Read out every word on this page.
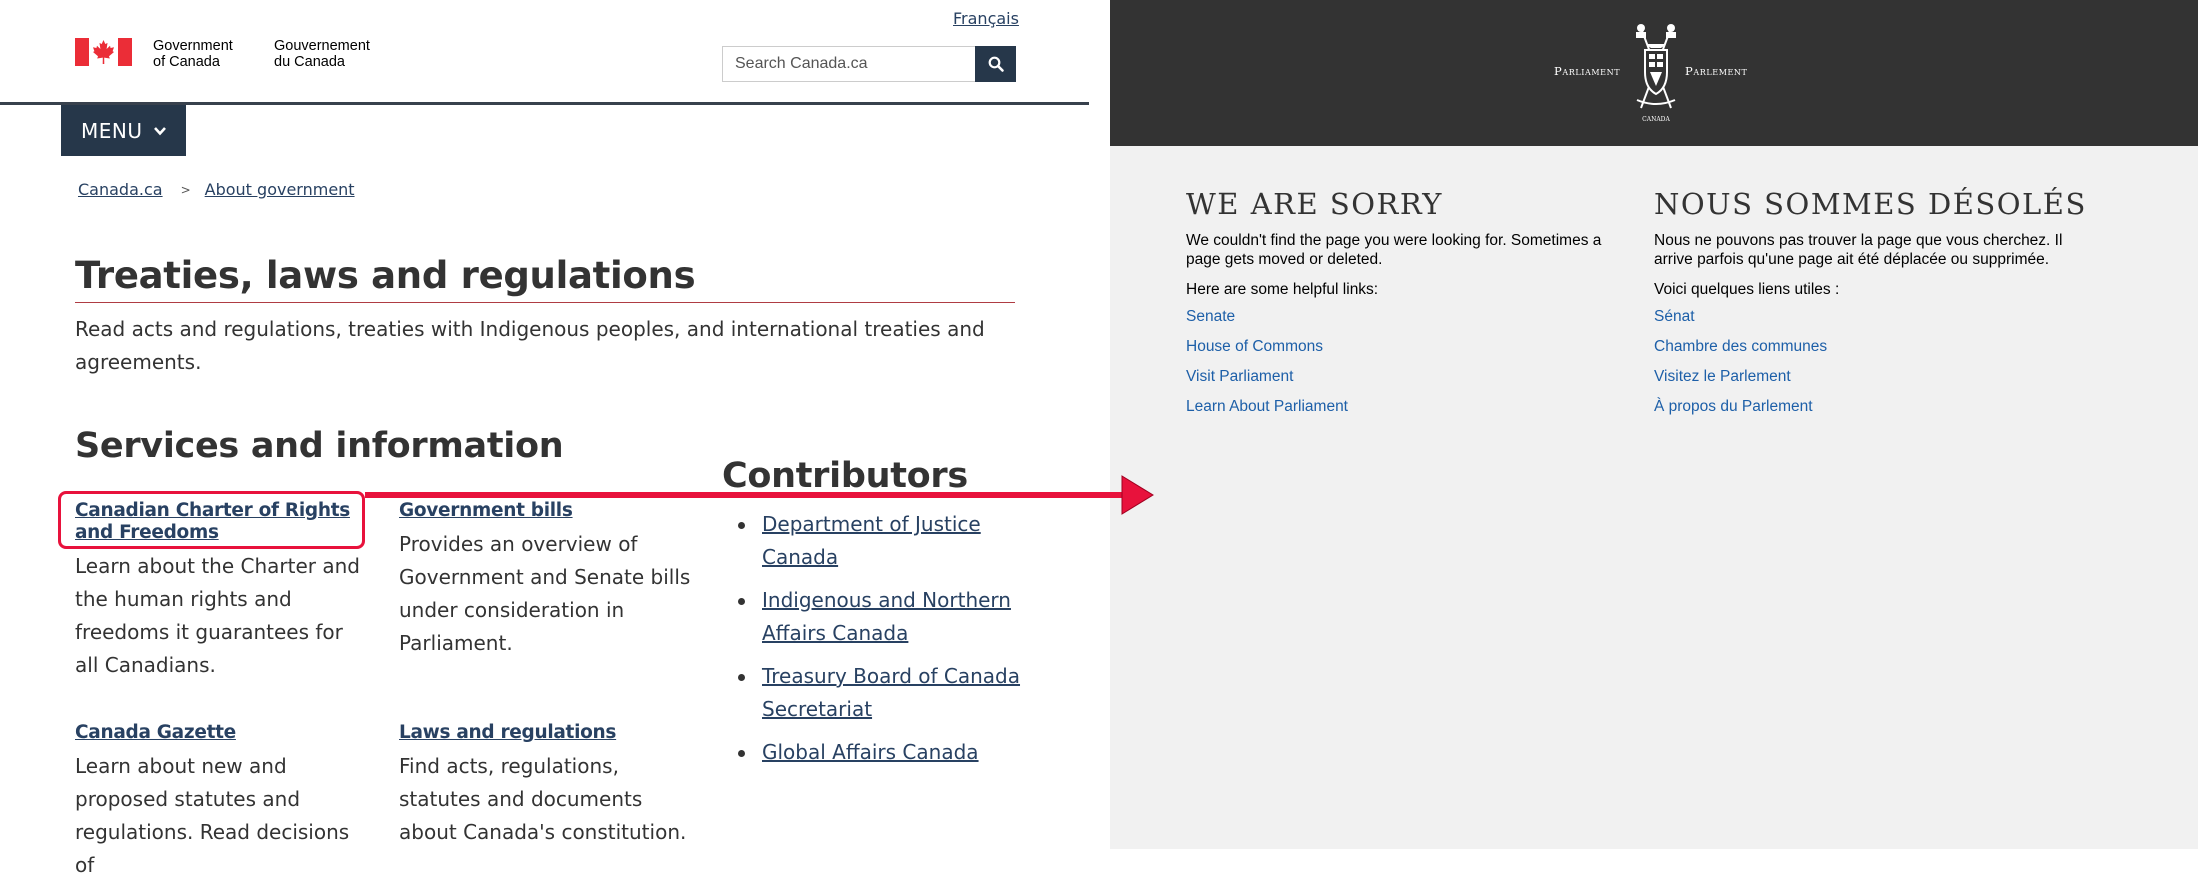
Français
Government
of Canada
Gouvernement
du Canada
Search Canada.ca
MENU
Canada.ca > About government
Treaties, laws and regulations

Read acts and regulations, treaties with Indigenous peoples, and international treaties and agreements.

Services and information
Canadian Charter of Rights and Freedoms

Learn about the Charter and the human rights and freedoms it guarantees for all Canadians.

Government bills

Provides an overview of Government and Senate bills under consideration in Parliament.

Canada Gazette

Learn about new and proposed statutes and regulations. Read decisions of

Laws and regulations

Find acts, regulations, statutes and documents about Canada's constitution.

Contributors
Department of Justice Canada
Indigenous and Northern Affairs Canada
Treasury Board of Canada Secretariat
Global Affairs Canada
Parliament
CANADA
Parlement
WE ARE SORRY

We couldn't find the page you were looking for. Sometimes a page gets moved or deleted.

Here are some helpful links:

Senate
House of Commons
Visit Parliament
Learn About Parliament
NOUS SOMMES DÉSOLÉS

Nous ne pouvons pas trouver la page que vous cherchez. Il arrive parfois qu'une page ait été déplacée ou supprimée.

Voici quelques liens utiles :

Sénat
Chambre des communes
Visitez le Parlement
À propos du Parlement
